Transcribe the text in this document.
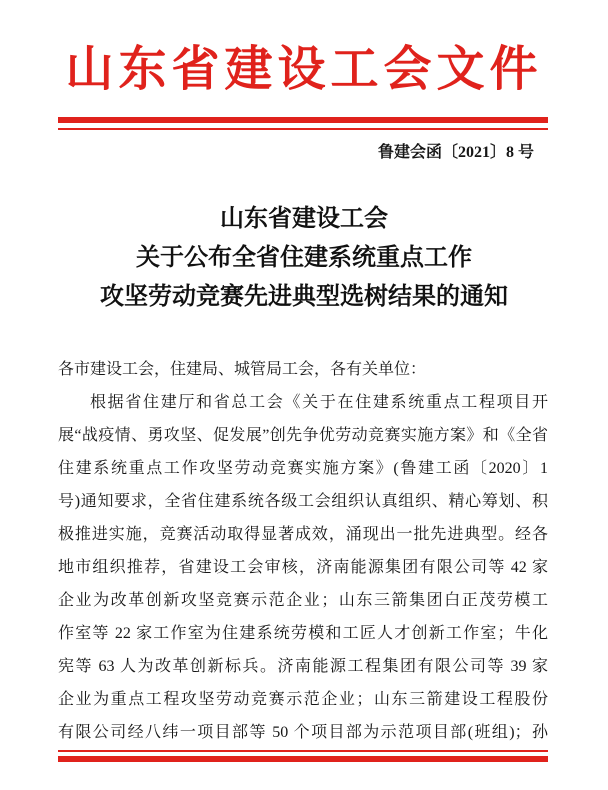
山东省建设工会文件
鲁建会函〔2021〕8 号
山东省建设工会
关于公布全省住建系统重点工作
攻坚劳动竞赛先进典型选树结果的通知
各市建设工会，住建局、城管局工会，各有关单位：
根据省住建厅和省总工会《关于在住建系统重点工程项目开
展“战疫情、勇攻坚、促发展”创先争优劳动竞赛实施方案》和《全省
住建系统重点工作攻坚劳动竞赛实施方案》(鲁建工函〔2020〕1
号)通知要求，全省住建系统各级工会组织认真组织、精心筹划、积
极推进实施，竞赛活动取得显著成效，涌现出一批先进典型。经各
地市组织推荐，省建设工会审核，济南能源集团有限公司等 42 家
企业为改革创新攻坚竞赛示范企业；山东三箭集团白正茂劳模工
作室等 22 家工作室为住建系统劳模和工匠人才创新工作室；牛化
宪等 63 人为改革创新标兵。济南能源工程集团有限公司等 39 家
企业为重点工程攻坚劳动竞赛示范企业；山东三箭建设工程股份
有限公司经八纬一项目部等 50 个项目部为示范项目部(班组)；孙
